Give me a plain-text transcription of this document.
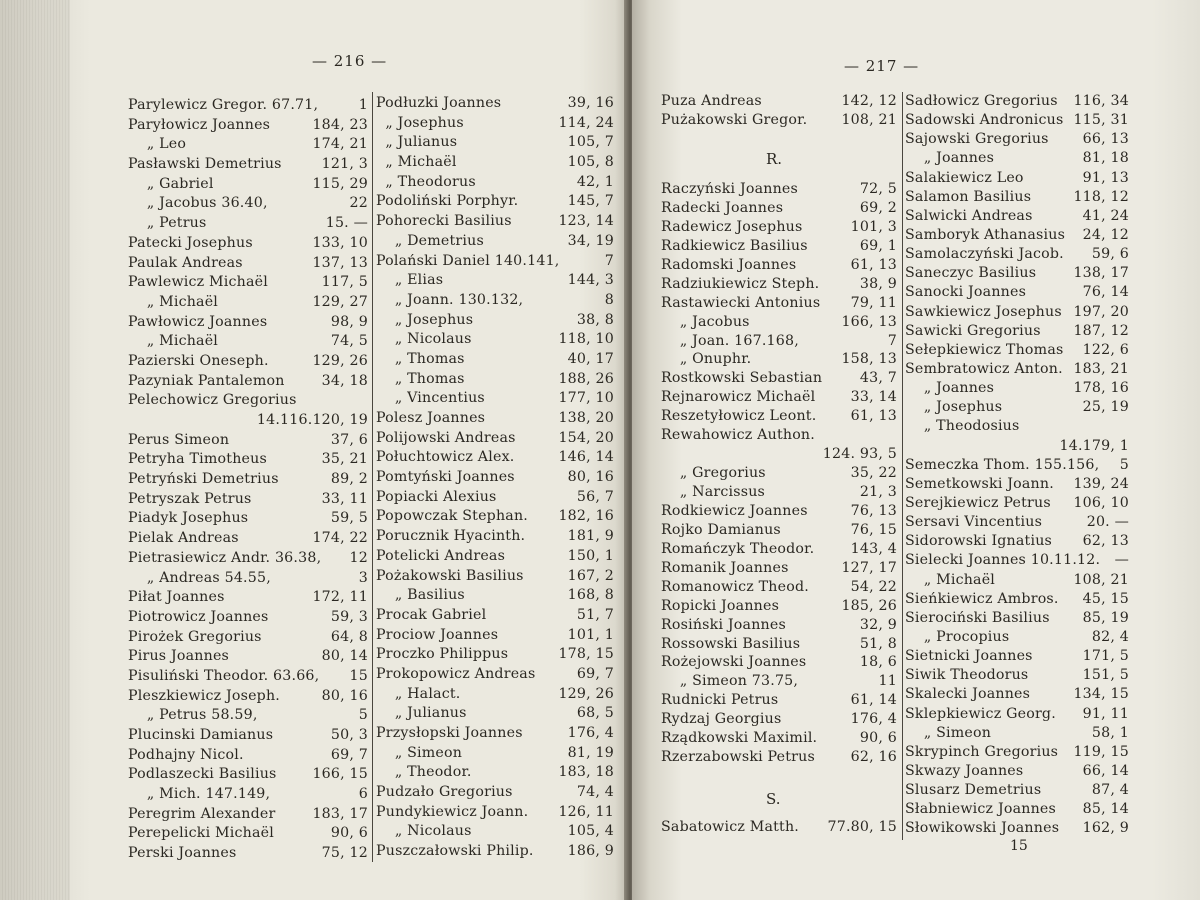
— 216 —
Parylewicz Gregor. 67.71,	1
Paryłowicz Joannes	184, 23
„ Leo	174, 21
Pasławski Demetrius	121, 3
„ Gabriel	115, 29
„ Jacobus 36.40,	22
„ Petrus	15. —
Patecki Josephus	133, 10
Paulak Andreas	137, 13
Pawlewicz Michaël	117, 5
„ Michaël	129, 27
Pawłowicz Joannes	98, 9
„ Michaël	74, 5
Pazierski Oneseph.	129, 26
Pazyniak Pantalemon	34, 18
Pelechowicz Gregorius
14.116.120, 19
Perus Simeon	37, 6
Petryha Timotheus	35, 21
Petryński Demetrius	89, 2
Petryszak Petrus	33, 11
Piadyk Josephus	59, 5
Pielak Andreas	174, 22
Pietrasiewicz Andr. 36.38, 12
„ Andreas 54.55,	3
Piłat Joannes	172, 11
Piotrowicz Joannes	59, 3
Pirożek Gregorius	64, 8
Pirus Joannes	80, 14
Pisuliński Theodor. 63.66, 15
Pleszkiewicz Joseph.	80, 16
„ Petrus 58.59,	5
Plucinski Damianus	50, 3
Podhajny Nicol.	69, 7
Podlaszecki Basilius	166, 15
„ Mich. 147.149,	6
Peregrim Alexander	183, 17
Perepelicki Michaël	90, 6
Perski Joannes	75, 12
Podłuzki Joannes	39, 16
„ Josephus	114, 24
„ Julianus	105, 7
„ Michaël	105, 8
„ Theodorus	42, 1
Podoliński Porphyr.	145, 7
Pohorecki Basilius	123, 14
„ Demetrius	34, 19
Polański Daniel 140.141,	7
„ Elias	144, 3
„ Joann. 130.132,	8
„ Josephus	38, 8
„ Nicolaus	118, 10
„ Thomas	40, 17
„ Thomas	188, 26
„ Vincentius	177, 10
Polesz Joannes	138, 20
Polijowski Andreas	154, 20
Połuchtowicz Alex.	146, 14
Pomtyński Joannes	80, 16
Popiacki Alexius	56, 7
Popowczak Stephan. 182, 16
Porucznik Hyacinth.	181, 9
Potelicki Andreas	150, 1
Pożakowski Basilius	167, 2
„ Basilius	168, 8
Procak Gabriel	51, 7
Prociow Joannes	101, 1
Proczko Philippus	178, 15
Prokopowicz Andreas	69, 7
„ Halact.	129, 26
„ Julianus	68, 5
Przysłopski Joannes	176, 4
„ Simeon	81, 19
„ Theodor.	183, 18
Pudzało Gregorius	74, 4
Pundykiewicz Joann. 126, 11
„ Nicolaus	105, 4
Puszczałowski Philip. 186, 9
— 217 —
Puza Andreas	142, 12
Pużakowski Gregor. 108, 21
R.
Raczyński Joannes	72, 5
Radecki Joannes	69, 2
Radewicz Josephus	101, 3
Radkiewicz Basilius	69, 1
Radomski Joannes	61, 13
Radziukiewicz Steph.	38, 9
Rastawiecki Antonius 79, 11
„ Jacobus	166, 13
„ Joan. 167.168,	7
„ Onuphr.	158, 13
Rostkowski Sebastian	43, 7
Rejnarowicz Michaël 33, 14
Reszetyłowicz Leont. 61, 13
Rewahowicz Authon.
124. 93, 5
„ Gregorius	35, 22
„ Narcissus	21, 3
Rodkiewicz Joannes	76, 13
Rojko Damianus	76, 15
Romańczyk Theodor.	143, 4
Romanik Joannes	127, 17
Romanowicz Theod.	54, 22
Ropicki Joannes	185, 26
Rosiński Joannes	32, 9
Rossowski Basilius	51, 8
Rożejowski Joannes	18, 6
„ Simeon 73.75,	11
Rudnicki Petrus	61, 14
Rydzaj Georgius	176, 4
Rządkowski Maximil.	90, 6
Rzerzabowski Petrus	62, 16
S.
Sabatowicz Matth. 77.80, 15
Sadłowicz Gregorius 116, 34
Sadowski Andronicus 115, 31
Sajowski Gregorius 66, 13
„ Joannes	81, 18
Salakiewicz Leo	91, 13
Salamon Basilius	118, 12
Salwicki Andreas	41, 24
Samboryk Athanasius 24, 12
Samolaczyński Jacob. 59, 6
Saneczyc Basilius	138, 17
Sanocki Joannes	76, 14
Sawkiewicz Josephus 197, 20
Sawicki Gregorius 187, 12
Sełepkiewicz Thomas 122, 6
Sembratowicz Anton. 183, 21
„ Joannes	178, 16
„ Josephus	25, 19
„ Theodosius
14.179, 1
Semeczka Thom. 155.156, 5
Semetkowski Joann. 139, 24
Serejkiewicz Petrus 106, 10
Sersavi Vincentius	20. —
Sidorowski Ignatius 62, 13
Sielecki Joannes 10.11.12. —
„ Michaël	108, 21
Sieńkiewicz Ambros. 45, 15
Sierociński Basilius 85, 19
„ Procopius	82, 4
Sietnicki Joannes	171, 5
Siwik Theodorus	151, 5
Skalecki Joannes	134, 15
Sklepkiewicz Georg. 91, 11
„ Simeon	58, 1
Skrypinch Gregorius 119, 15
Skwazy Joannes	66, 14
Slusarz Demetrius	87, 4
Słabniewicz Joannes 85, 14
Słowikowski Joannes 162, 9
15
